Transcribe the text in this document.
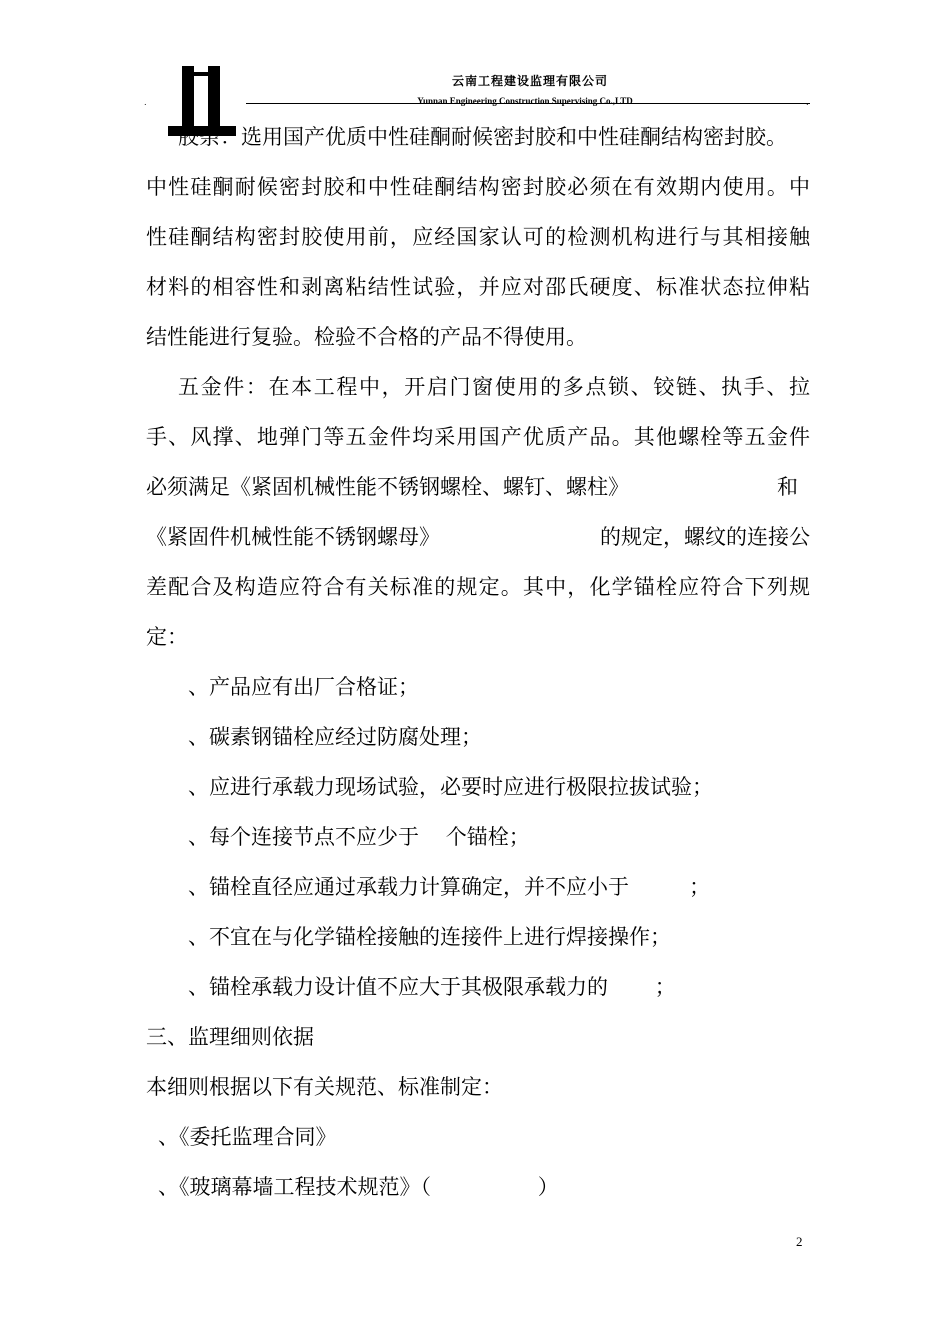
云南工程建设监理有限公司
Yunnan Engineering Construction Supervising Co.,LTD
.	.
胶条：选用国产优质中性硅酮耐候密封胶和中性硅酮结构密封胶。
中性硅酮耐候密封胶和中性硅酮结构密封胶必须在有效期内使用。中
性硅酮结构密封胶使用前，应经国家认可的检测机构进行与其相接触
材料的相容性和剥离粘结性试验，并应对邵氏硬度、标准状态拉伸粘
结性能进行复验。检验不合格的产品不得使用。
五金件：在本工程中，开启门窗使用的多点锁、铰链、执手、拉
手、风撑、地弹门等五金件均采用国产优质产品。其他螺栓等五金件
必须满足《紧固机械性能不锈钢螺栓、螺钉、螺柱》	和
《紧固件机械性能不锈钢螺母》	的规定，螺纹的连接公
差配合及构造应符合有关标准的规定。其中，化学锚栓应符合下列规
定：
、产品应有出厂合格证；
、碳素钢锚栓应经过防腐处理；
、应进行承载力现场试验，必要时应进行极限拉拔试验；
、每个连接节点不应少于    个锚栓；
、锚栓直径应通过承载力计算确定，并不应小于         ；
、不宜在与化学锚栓接触的连接件上进行焊接操作；
、锚栓承载力设计值不应大于其极限承载力的       ；
三、监理细则依据
本细则根据以下有关规范、标准制定：
、《委托监理合同》
、《玻璃幕墙工程技术规范》（                ）
2
